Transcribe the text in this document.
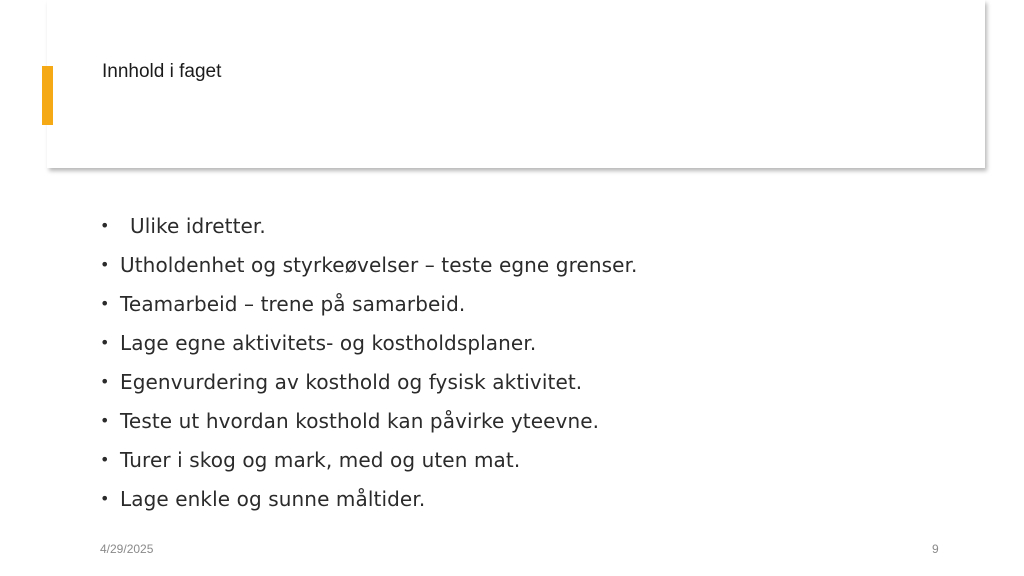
Innhold i faget
•	Ulike idretter.
• Utholdenhet og styrkeøvelser – teste egne grenser.
• Teamarbeid – trene på samarbeid.
• Lage egne aktivitets- og kostholdsplaner.
• Egenvurdering av kosthold og fysisk aktivitet.
• Teste ut hvordan kosthold kan påvirke yteevne.
• Turer i skog og mark, med og uten mat.
• Lage enkle og sunne måltider.
4/29/2025	9
